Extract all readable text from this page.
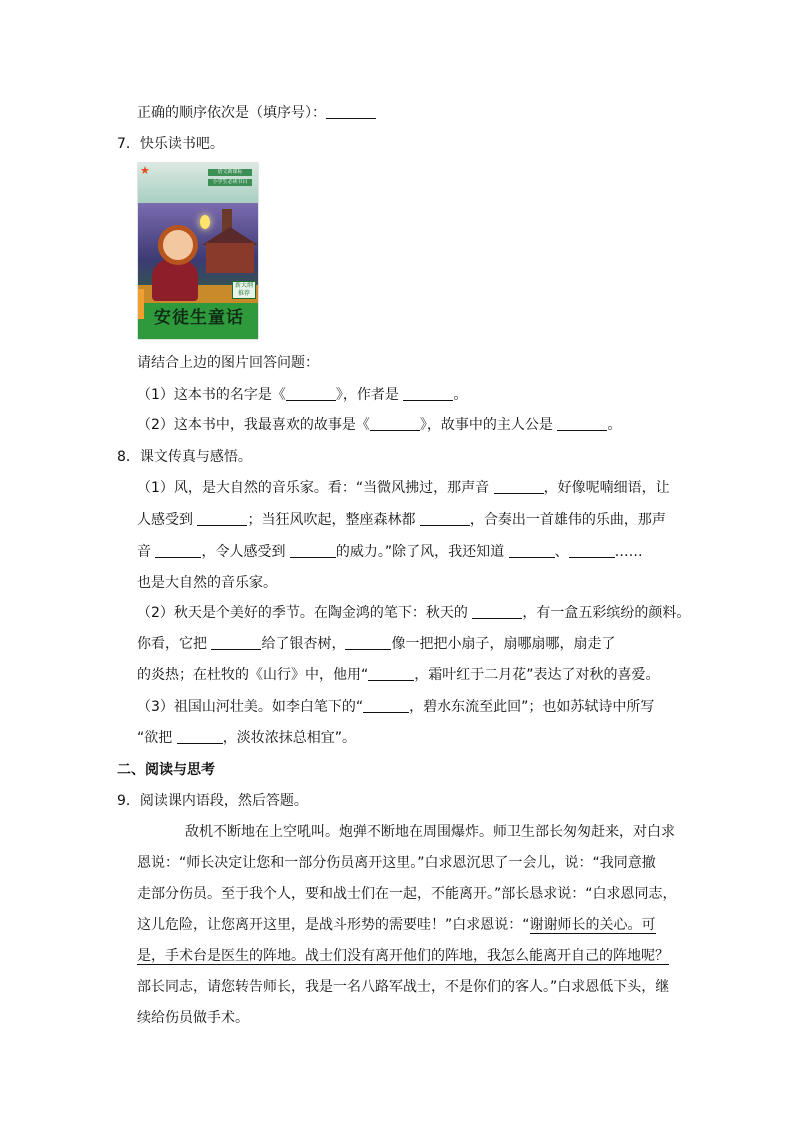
正确的顺序依次是（填序号）：
7．快乐读书吧。
★	语文新课标
小学生必读书目
新大纲推荐
安徒生童话
请结合上边的图片回答问题：
（1）这本书的名字是《	》，作者是	。
（2）这本书中，我最喜欢的故事是《	》，故事中的主人公是	。
8．课文传真与感悟。
（1）风，是大自然的音乐家。看：“当微风拂过，那声音	，好像呢喃细语，让
人感受到	；当狂风吹起，整座森林都	，合奏出一首雄伟的乐曲，那声
音	，令人感受到	的威力。”除了风，我还知道	、	……
也是大自然的音乐家。
（2）秋天是个美好的季节。在陶金鸿的笔下：秋天的	，有一盒五彩缤纷的颜料。
你看，它把	给了银杏树，	像一把把小扇子，扇哪扇哪，扇走了
的炎热；在杜牧的《山行》中，他用“	，霜叶红于二月花”表达了对秋的喜爱。
（3）祖国山河壮美。如李白笔下的“	，碧水东流至此回”；也如苏轼诗中所写
“欲把	，淡妆浓抹总相宜”。
二、阅读与思考
9．阅读课内语段，然后答题。
敌机不断地在上空吼叫。炮弹不断地在周围爆炸。师卫生部长匆匆赶来，对白求
恩说：“师长决定让您和一部分伤员离开这里。”白求恩沉思了一会儿，说：“我同意撤
走部分伤员。至于我个人，要和战士们在一起，不能离开。”部长恳求说：“白求恩同志，
这儿危险，让您离开这里，是战斗形势的需要哇！”白求恩说：“谢谢师长的关心。可
是，手术台是医生的阵地。战士们没有离开他们的阵地，我怎么能离开自己的阵地呢？
部长同志，请您转告师长，我是一名八路军战士，不是你们的客人。”白求恩低下头，继
续给伤员做手术。
